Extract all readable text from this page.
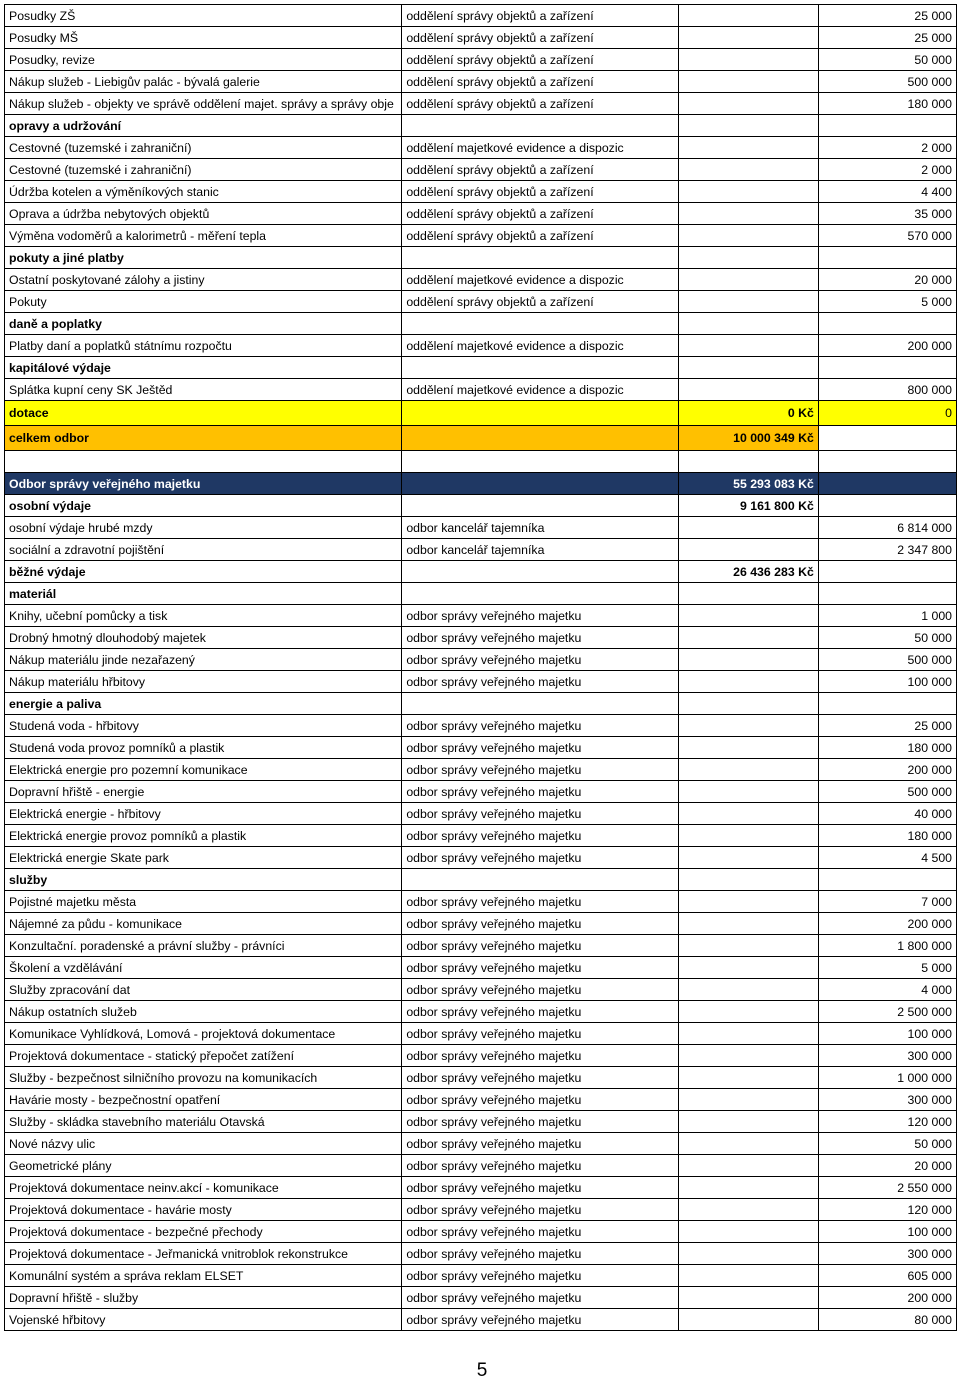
Posudky ZŠ	oddělení správy objektů a zařízení		25 000
Posudky MŠ	oddělení správy objektů a zařízení		25 000
Posudky, revize	oddělení správy objektů a zařízení		50 000
Nákup služeb - Liebigův palác - bývalá galerie	oddělení správy objektů a zařízení		500 000
Nákup služeb - objekty ve správě oddělení majet. správy a správy obje	oddělení správy objektů a zařízení		180 000
opravy a udržování			
Cestovné (tuzemské i zahraniční)	oddělení majetkové evidence a dispozic		2 000
Cestovné (tuzemské i zahraniční)	oddělení správy objektů a zařízení		2 000
Údržba kotelen a výměníkových stanic	oddělení správy objektů a zařízení		4 400
Oprava a údržba nebytových objektů	oddělení správy objektů a zařízení		35 000
Výměna vodoměrů a kalorimetrů - měření tepla	oddělení správy objektů a zařízení		570 000
pokuty a jiné platby			
Ostatní poskytované zálohy a jistiny	oddělení majetkové evidence a dispozic		20 000
Pokuty	oddělení správy objektů a zařízení		5 000
daně a poplatky			
Platby daní a poplatků státnímu rozpočtu	oddělení majetkové evidence a dispozic		200 000
kapitálové výdaje			
Splátka kupní ceny SK Ještěd	oddělení majetkové evidence a dispozic		800 000
dotace		0 Kč	0
celkem odbor		10 000 349 Kč	

Odbor správy veřejného majetku		55 293 083 Kč	
osobní výdaje		9 161 800 Kč	
osobní výdaje hrubé mzdy	odbor kancelář tajemníka		6 814 000
sociální a zdravotní pojištění	odbor kancelář tajemníka		2 347 800
běžné výdaje		26 436 283 Kč	
materiál			
Knihy, učební pomůcky a tisk	odbor správy veřejného majetku		1 000
Drobný hmotný dlouhodobý majetek	odbor správy veřejného majetku		50 000
Nákup materiálu jinde nezařazený	odbor správy veřejného majetku		500 000
Nákup materiálu hřbitovy	odbor správy veřejného majetku		100 000
energie a paliva			
Studená voda - hřbitovy	odbor správy veřejného majetku		25 000
Studená voda provoz pomníků a plastik	odbor správy veřejného majetku		180 000
Elektrická energie pro pozemní komunikace	odbor správy veřejného majetku		200 000
Dopravní hřiště - energie	odbor správy veřejného majetku		500 000
Elektrická energie - hřbitovy	odbor správy veřejného majetku		40 000
Elektrická energie provoz pomníků a plastik	odbor správy veřejného majetku		180 000
Elektrická energie Skate park	odbor správy veřejného majetku		4 500
služby			
Pojistné majetku města	odbor správy veřejného majetku		7 000
Nájemné za půdu - komunikace	odbor správy veřejného majetku		200 000
Konzultační. poradenské a právní služby - právníci	odbor správy veřejného majetku		1 800 000
Školení a vzdělávání	odbor správy veřejného majetku		5 000
Služby zpracování dat	odbor správy veřejného majetku		4 000
Nákup ostatních služeb	odbor správy veřejného majetku		2 500 000
Komunikace Vyhlídková, Lomová - projektová dokumentace	odbor správy veřejného majetku		100 000
Projektová dokumentace - statický přepočet zatížení	odbor správy veřejného majetku		300 000
Služby - bezpečnost silničního provozu na komunikacích	odbor správy veřejného majetku		1 000 000
Havárie mosty - bezpečnostní opatření	odbor správy veřejného majetku		300 000
Služby - skládka stavebního materiálu Otavská	odbor správy veřejného majetku		120 000
Nové názvy ulic	odbor správy veřejného majetku		50 000
Geometrické plány	odbor správy veřejného majetku		20 000
Projektová dokumentace neinv.akcí - komunikace	odbor správy veřejného majetku		2 550 000
Projektová dokumentace - havárie mosty	odbor správy veřejného majetku		120 000
Projektová dokumentace - bezpečné přechody	odbor správy veřejného majetku		100 000
Projektová dokumentace - Jeřmanická vnitroblok rekonstrukce	odbor správy veřejného majetku		300 000
Komunální systém a správa reklam ELSET	odbor správy veřejného majetku		605 000
Dopravní hřiště - služby	odbor správy veřejného majetku		200 000
Vojenské hřbitovy	odbor správy veřejného majetku		80 000
5
